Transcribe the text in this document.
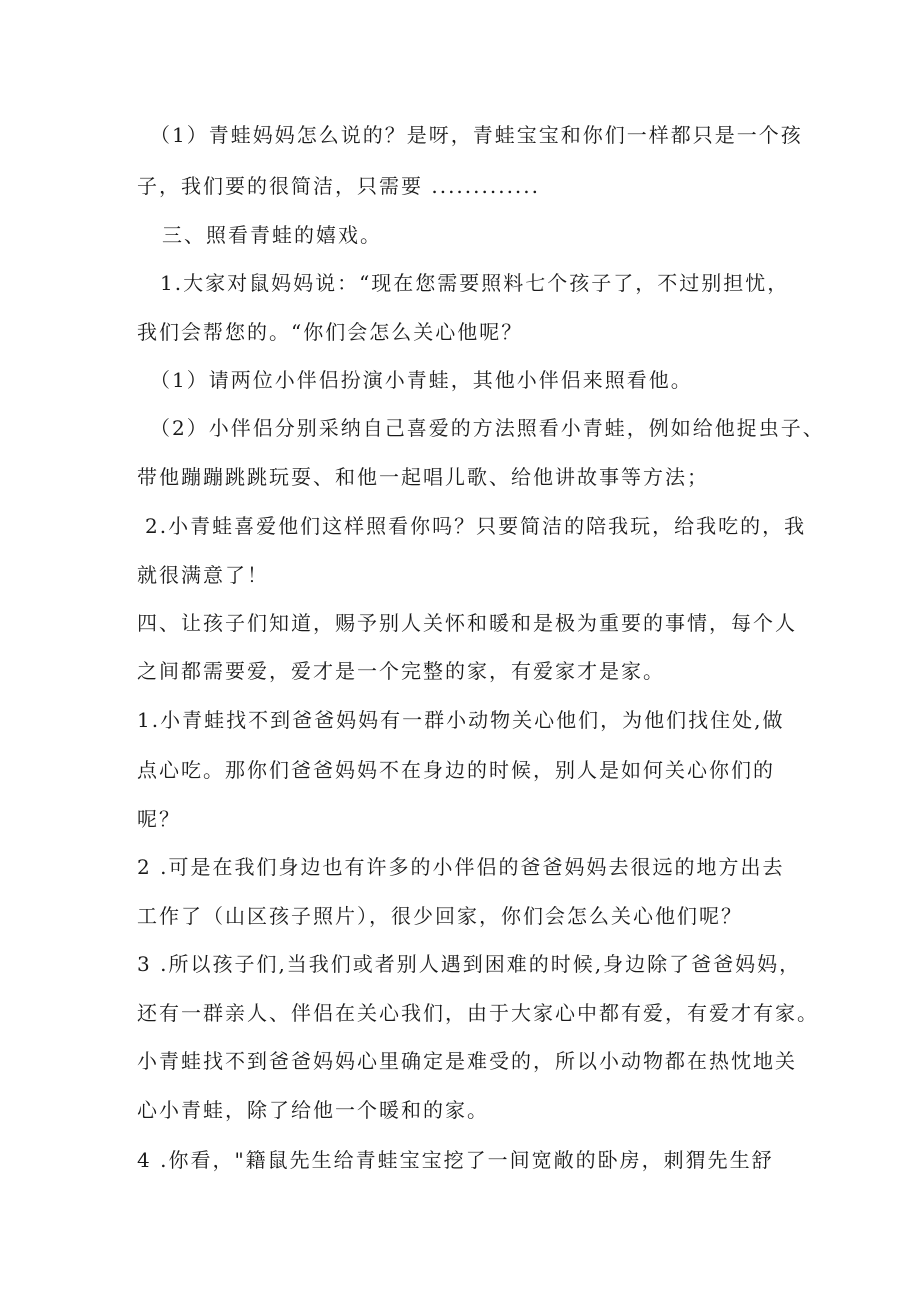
（1）青蛙妈妈怎么说的？是呀，青蛙宝宝和你们一样都只是一个孩
子，我们要的很简洁，只需要 .............
三、照看青蛙的嬉戏。
1.大家对鼠妈妈说：“现在您需要照料七个孩子了，不过别担忧，
我们会帮您的。“你们会怎么关心他呢？
（1）请两位小伴侣扮演小青蛙，其他小伴侣来照看他。
（2）小伴侣分别采纳自己喜爱的方法照看小青蛙，例如给他捉虫子、
带他蹦蹦跳跳玩耍、和他一起唱儿歌、给他讲故事等方法；
2.小青蛙喜爱他们这样照看你吗？只要简洁的陪我玩，给我吃的，我
就很满意了！
四、让孩子们知道，赐予别人关怀和暖和是极为重要的事情，每个人
之间都需要爱，爱才是一个完整的家，有爱家才是家。
1.小青蛙找不到爸爸妈妈有一群小动物关心他们，为他们找住处,做
点心吃。那你们爸爸妈妈不在身边的时候，别人是如何关心你们的
呢？
2 .可是在我们身边也有许多的小伴侣的爸爸妈妈去很远的地方出去
工作了（山区孩子照片），很少回家，你们会怎么关心他们呢？
3 .所以孩子们,当我们或者别人遇到困难的时候,身边除了爸爸妈妈，
还有一群亲人、伴侣在关心我们，由于大家心中都有爱，有爱才有家。
小青蛙找不到爸爸妈妈心里确定是难受的，所以小动物都在热忱地关
心小青蛙，除了给他一个暖和的家。
4 .你看，"籍鼠先生给青蛙宝宝挖了一间宽敞的卧房，刺猬先生舒
